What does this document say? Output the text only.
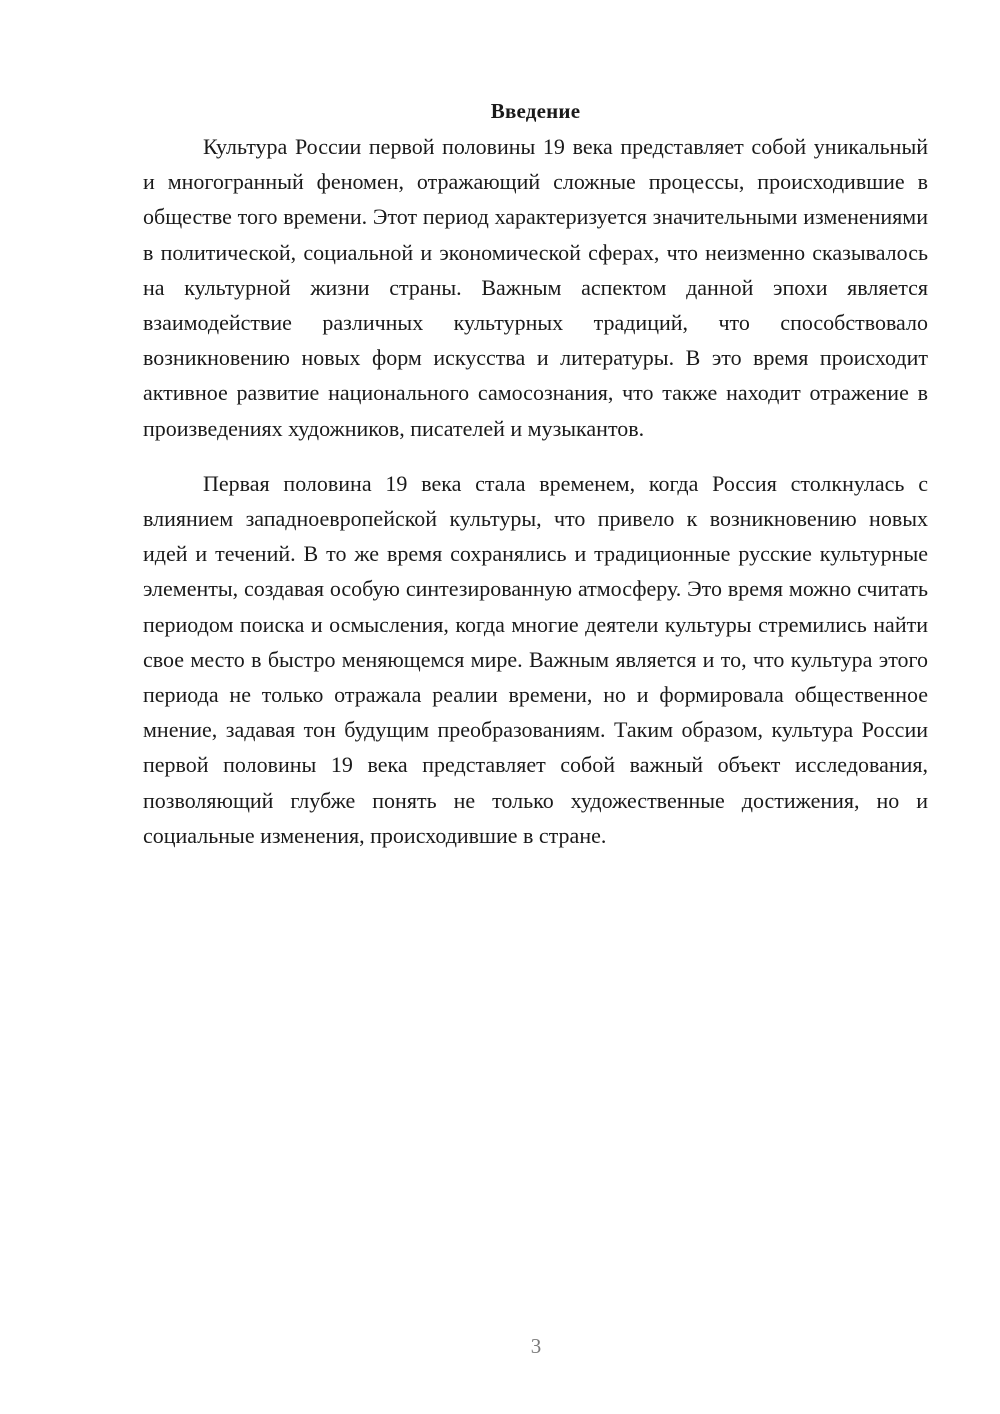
Введение

Культура России первой половины 19 века представляет собой уникальный и многогранный феномен, отражающий сложные процессы, происходившие в обществе того времени. Этот период характеризуется значительными изменениями в политической, социальной и экономической сферах, что неизменно сказывалось на культурной жизни страны. Важным аспектом данной эпохи является взаимодействие различных культурных традиций, что способствовало возникновению новых форм искусства и литературы. В это время происходит активное развитие национального самосознания, что также находит отражение в произведениях художников, писателей и музыкантов.

Первая половина 19 века стала временем, когда Россия столкнулась с влиянием западноевропейской культуры, что привело к возникновению новых идей и течений. В то же время сохранялись и традиционные русские культурные элементы, создавая особую синтезированную атмосферу. Это время можно считать периодом поиска и осмысления, когда многие деятели культуры стремились найти свое место в быстро меняющемся мире. Важным является и то, что культура этого периода не только отражала реалии времени, но и формировала общественное мнение, задавая тон будущим преобразованиям. Таким образом, культура России первой половины 19 века представляет собой важный объект исследования, позволяющий глубже понять не только художественные достижения, но и социальные изменения, происходившие в стране.

3
